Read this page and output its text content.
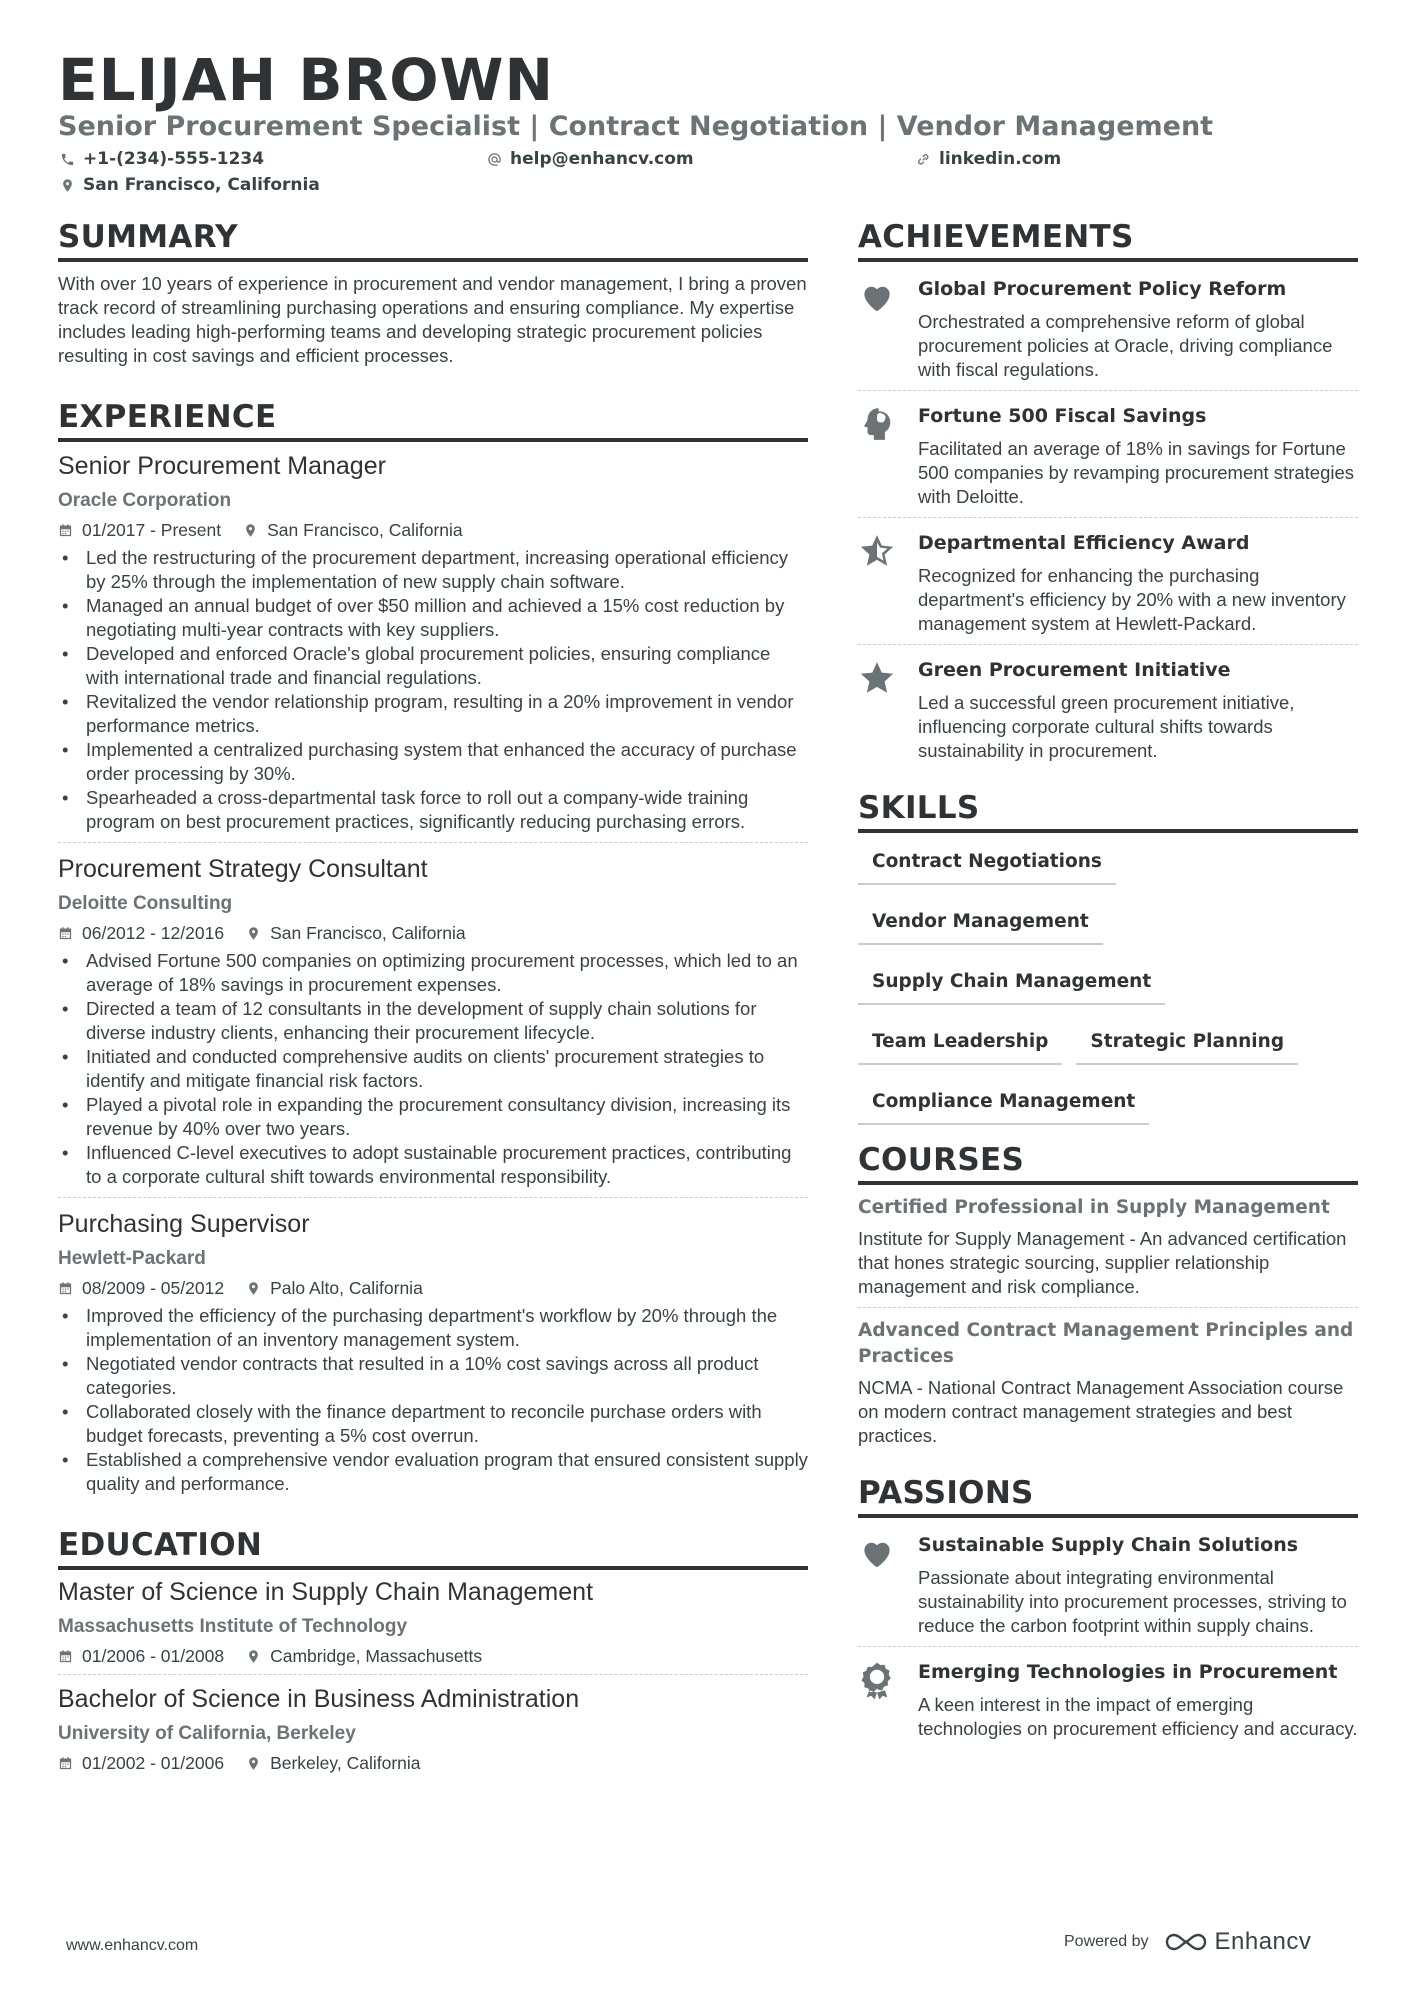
ELIJAH BROWN
Senior Procurement Specialist | Contract Negotiation | Vendor Management
+1-(234)-555-1234	help@enhancv.com	linkedin.com
San Francisco, California
SUMMARY
With over 10 years of experience in procurement and vendor management, I bring a proven track record of streamlining purchasing operations and ensuring compliance. My expertise includes leading high-performing teams and developing strategic procurement policies resulting in cost savings and efficient processes.
EXPERIENCE
Senior Procurement Manager
Oracle Corporation
01/2017 - Present	San Francisco, California
• Led the restructuring of the procurement department, increasing operational efficiency by 25% through the implementation of new supply chain software.
• Managed an annual budget of over $50 million and achieved a 15% cost reduction by negotiating multi-year contracts with key suppliers.
• Developed and enforced Oracle's global procurement policies, ensuring compliance with international trade and financial regulations.
• Revitalized the vendor relationship program, resulting in a 20% improvement in vendor performance metrics.
• Implemented a centralized purchasing system that enhanced the accuracy of purchase order processing by 30%.
• Spearheaded a cross-departmental task force to roll out a company-wide training program on best procurement practices, significantly reducing purchasing errors.
Procurement Strategy Consultant
Deloitte Consulting
06/2012 - 12/2016	San Francisco, California
• Advised Fortune 500 companies on optimizing procurement processes, which led to an average of 18% savings in procurement expenses.
• Directed a team of 12 consultants in the development of supply chain solutions for diverse industry clients, enhancing their procurement lifecycle.
• Initiated and conducted comprehensive audits on clients' procurement strategies to identify and mitigate financial risk factors.
• Played a pivotal role in expanding the procurement consultancy division, increasing its revenue by 40% over two years.
• Influenced C-level executives to adopt sustainable procurement practices, contributing to a corporate cultural shift towards environmental responsibility.
Purchasing Supervisor
Hewlett-Packard
08/2009 - 05/2012	Palo Alto, California
• Improved the efficiency of the purchasing department's workflow by 20% through the implementation of an inventory management system.
• Negotiated vendor contracts that resulted in a 10% cost savings across all product categories.
• Collaborated closely with the finance department to reconcile purchase orders with budget forecasts, preventing a 5% cost overrun.
• Established a comprehensive vendor evaluation program that ensured consistent supply quality and performance.
EDUCATION
Master of Science in Supply Chain Management
Massachusetts Institute of Technology
01/2006 - 01/2008	Cambridge, Massachusetts
Bachelor of Science in Business Administration
University of California, Berkeley
01/2002 - 01/2006	Berkeley, California
ACHIEVEMENTS
Global Procurement Policy Reform
Orchestrated a comprehensive reform of global procurement policies at Oracle, driving compliance with fiscal regulations.
Fortune 500 Fiscal Savings
Facilitated an average of 18% in savings for Fortune 500 companies by revamping procurement strategies with Deloitte.
Departmental Efficiency Award
Recognized for enhancing the purchasing department's efficiency by 20% with a new inventory management system at Hewlett-Packard.
Green Procurement Initiative
Led a successful green procurement initiative, influencing corporate cultural shifts towards sustainability in procurement.
SKILLS
Contract Negotiations
Vendor Management
Supply Chain Management
Team Leadership	Strategic Planning
Compliance Management
COURSES
Certified Professional in Supply Management
Institute for Supply Management - An advanced certification that hones strategic sourcing, supplier relationship management and risk compliance.
Advanced Contract Management Principles and Practices
NCMA - National Contract Management Association course on modern contract management strategies and best practices.
PASSIONS
Sustainable Supply Chain Solutions
Passionate about integrating environmental sustainability into procurement processes, striving to reduce the carbon footprint within supply chains.
1 Emerging Technologies in Procurement
A keen interest in the impact of emerging technologies on procurement efficiency and accuracy.
www.enhancv.com	Powered by	Enhancv
